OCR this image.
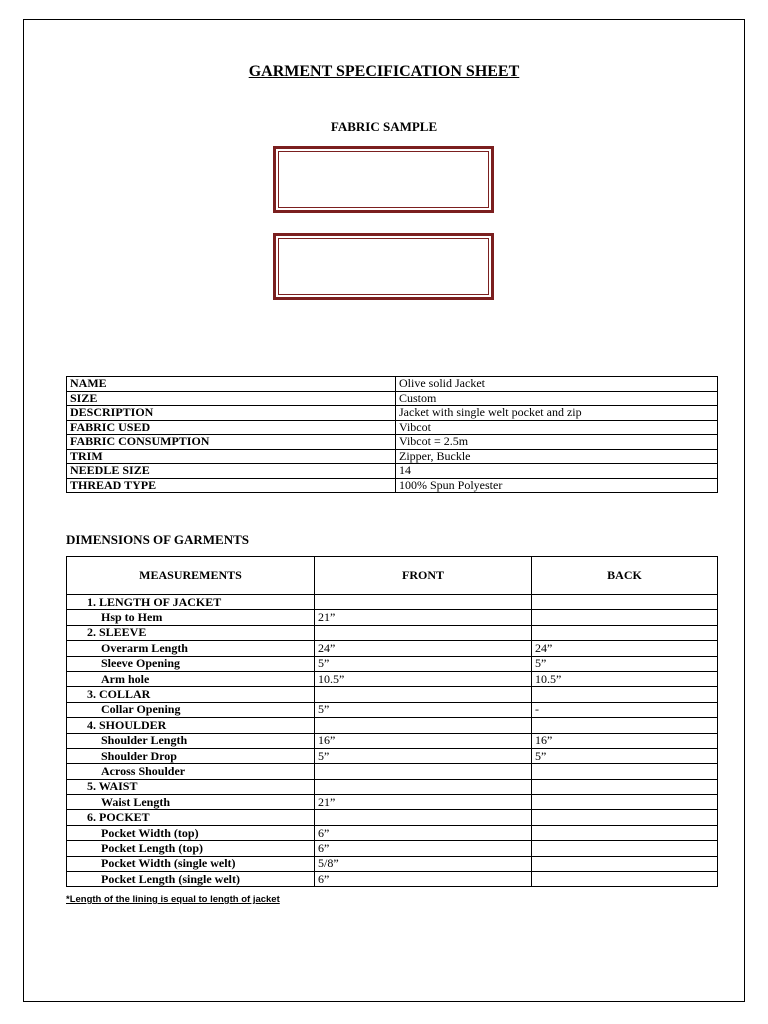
GARMENT SPECIFICATION SHEET
FABRIC SAMPLE
NAME	Olive solid Jacket
SIZE	Custom
DESCRIPTION	Jacket with single welt pocket and zip
FABRIC USED	Vibcot
FABRIC CONSUMPTION	Vibcot = 2.5m
TRIM	Zipper, Buckle
NEEDLE SIZE	14
THREAD TYPE	100% Spun Polyester
DIMENSIONS OF GARMENTS
MEASUREMENTS	FRONT	BACK
1. LENGTH OF JACKET		
Hsp to Hem	21”	
2. SLEEVE		
Overarm Length	24”	24”
Sleeve Opening	5”	5”
Arm hole	10.5”	10.5”
3. COLLAR		
Collar Opening	5”	-
4. SHOULDER		
Shoulder Length	16”	16”
Shoulder Drop	5”	5”
Across Shoulder		
5. WAIST		
Waist Length	21”	
6. POCKET		
Pocket Width (top)	6”	
Pocket Length (top)	6”	
Pocket Width (single welt)	5/8”	
Pocket Length (single welt)	6”	
*Length of the lining is equal to length of jacket
